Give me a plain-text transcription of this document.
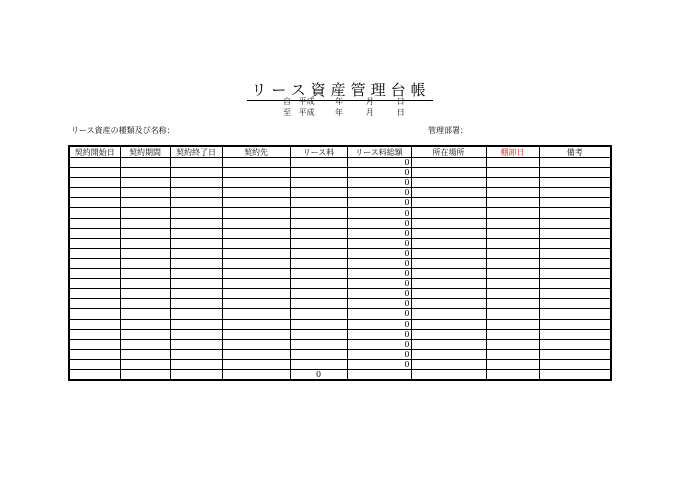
リース資産管理台帳
自 平成	年	月	日
至 平成	年	月	日
リース資産の種類及び名称：	管理部署：
契約開始日	契約期間	契約終了日	契約先	リース料	リース料総額	所在場所	棚卸日	備考
					0			
					0			
					0			
					0			
					0			
					0			
					0			
					0			
					0			
					0			
					0			
					0			
					0			
					0			
					0			
					0			
					0			
					0			
					0			
					0			
					0			
				0				
